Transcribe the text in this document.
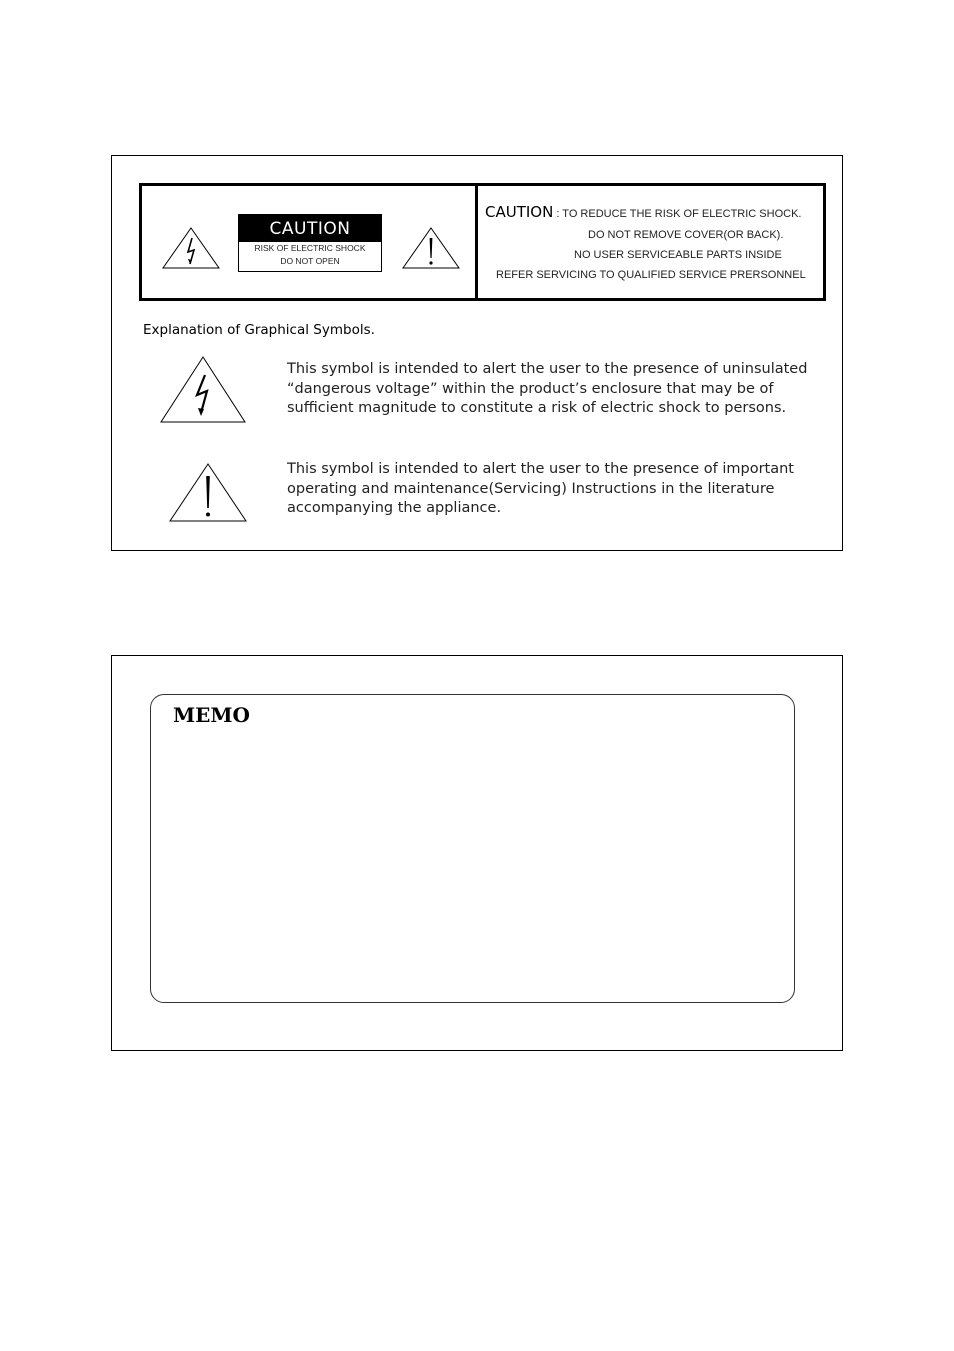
CAUTION
RISK OF ELECTRIC SHOCK
DO NOT OPEN
CAUTION : TO REDUCE THE RISK OF ELECTRIC SHOCK.
DO NOT REMOVE COVER(OR BACK).
NO USER SERVICEABLE PARTS INSIDE
REFER SERVICING TO QUALIFIED SERVICE PRERSONNEL
Explanation of Graphical Symbols.
This symbol is intended to alert the user to the presence of uninsulated “dangerous voltage” within the product’s enclosure that may be of sufficient magnitude to constitute a risk of electric shock to persons.
This symbol is intended to alert the user to the presence of important operating and maintenance(Servicing) Instructions in the literature accompanying the appliance.
MEMO
